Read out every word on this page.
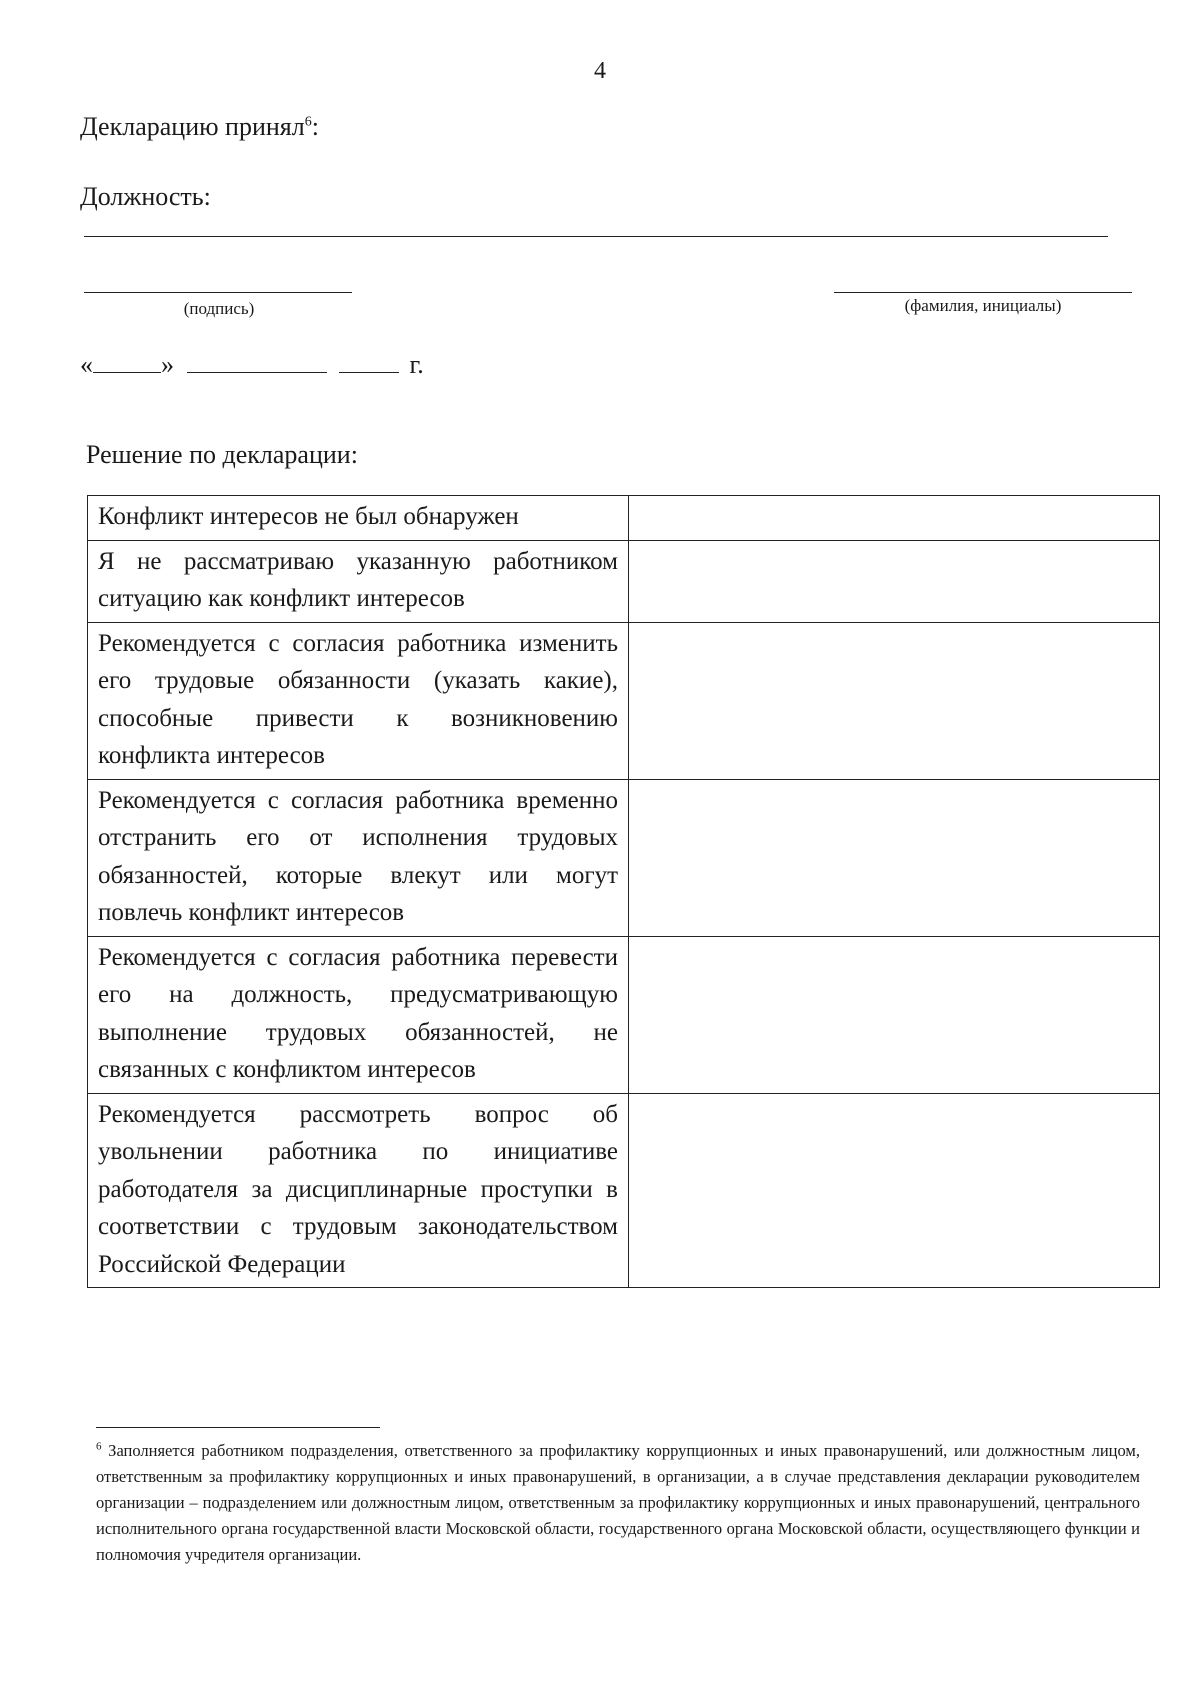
4
Декларацию принял$^6$:
Должность:
(подпись)	(фамилия, инициалы)
«	»	г.
Решение по декларации:
Конфликт интересов не был обнаружен	
Я не рассматриваю указанную работником ситуацию как конфликт интересов	
Рекомендуется с согласия работника изменить его трудовые обязанности (указать какие), способные привести к возникновению конфликта интересов	
Рекомендуется с согласия работника временно отстранить его от исполнения трудовых обязанностей, которые влекут или могут повлечь конфликт интересов	
Рекомендуется с согласия работника перевести его на должность, предусматривающую выполнение трудовых обязанностей, не связанных с конфликтом интересов	
Рекомендуется рассмотреть вопрос об увольнении работника по инициативе работодателя за дисциплинарные проступки в соответствии с трудовым законодательством Российской Федерации	
$^6$ Заполняется работником подразделения, ответственного за профилактику коррупционных и иных правонарушений, или должностным лицом, ответственным за профилактику коррупционных и иных правонарушений, в организации, а в случае представления декларации руководителем организации – подразделением или должностным лицом, ответственным за профилактику коррупционных и иных правонарушений, центрального исполнительного органа государственной власти Московской области, государственного органа Московской области, осуществляющего функции и полномочия учредителя организации.
